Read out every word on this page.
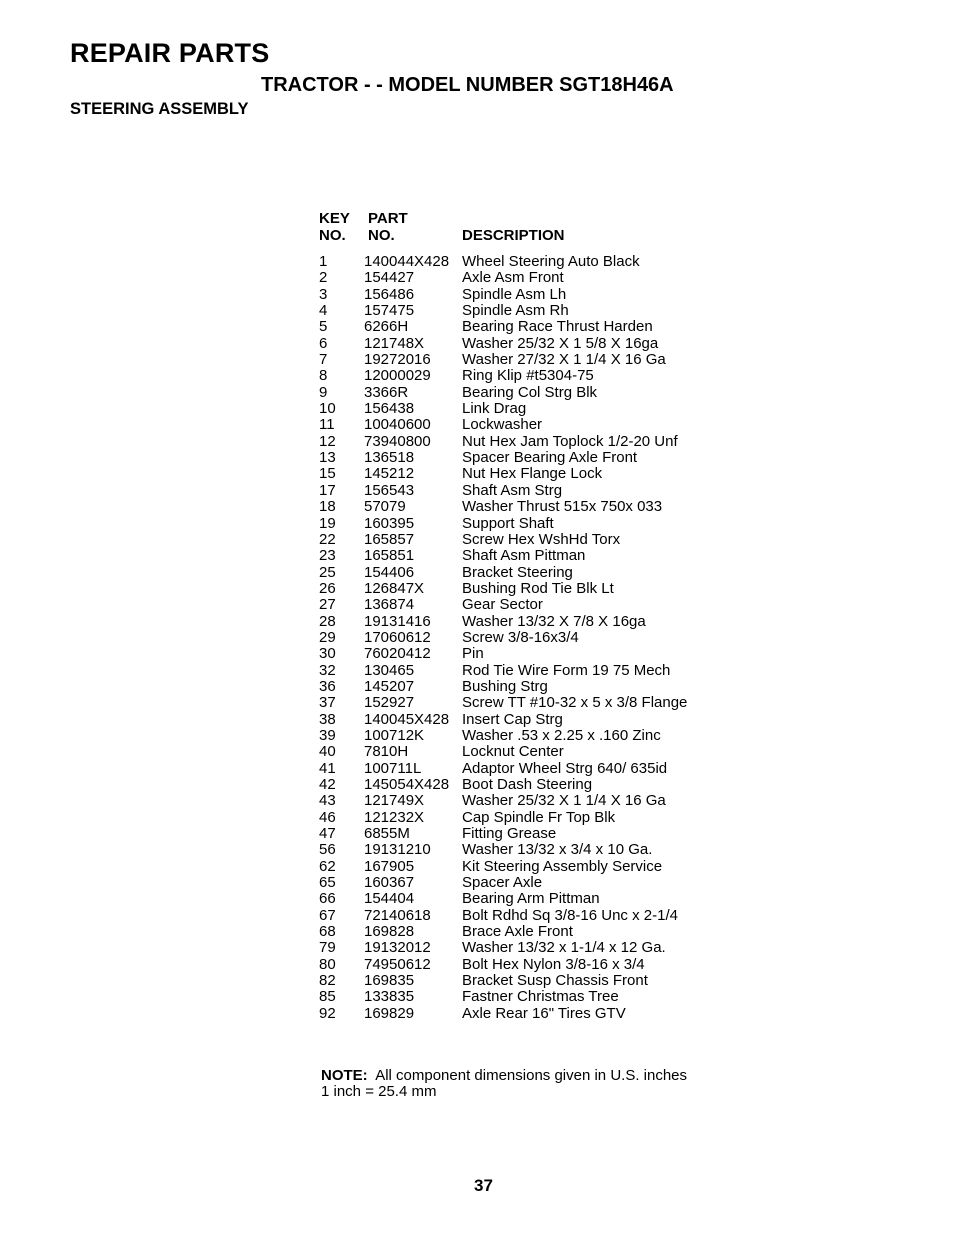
REPAIR PARTS
TRACTOR - - MODEL NUMBER SGT18H46A
STEERING ASSEMBLY
KEY
NO.
PART
NO.	DESCRIPTION
1 140044X428 Wheel Steering Auto Black
2 154427	Axle Asm Front
3 156486	Spindle Asm Lh
4 157475	Spindle Asm Rh
5 6266H	Bearing Race Thrust Harden
6 121748X	Washer 25/32 X 1 5/8 X 16ga
7 19272016 Washer 27/32 X 1 1/4 X 16 Ga
8 12000029 Ring Klip #t5304-75
9 3366R	Bearing Col Strg Blk
10 156438	Link Drag
11 10040600 Lockwasher
12 73940800 Nut Hex Jam Toplock 1/2-20 Unf
13 136518	Spacer Bearing Axle Front
15 145212	Nut Hex Flange Lock
17 156543	Shaft Asm Strg
18 57079	Washer Thrust 515x 750x 033
19 160395	Support Shaft
22 165857	Screw Hex WshHd Torx
23 165851	Shaft Asm Pittman
25 154406	Bracket Steering
26 126847X	Bushing Rod Tie Blk Lt
27 136874	Gear Sector
28 19131416 Washer 13/32 X 7/8 X 16ga
29 17060612 Screw 3/8-16x3/4
30 76020412 Pin
32 130465	Rod Tie Wire Form 19 75 Mech
36 145207	Bushing Strg
37 152927	Screw TT #10-32 x 5 x 3/8 Flange
38 140045X428 Insert Cap Strg
39 100712K	Washer .53 x 2.25 x .160 Zinc
40 7810H	Locknut Center
41 100711L	Adaptor Wheel Strg 640/ 635id
42 145054X428 Boot Dash Steering
43 121749X	Washer 25/32 X 1 1/4 X 16 Ga
46 121232X	Cap Spindle Fr Top Blk
47 6855M	Fitting Grease
56 19131210 Washer 13/32 x 3/4 x 10 Ga.
62 167905	Kit Steering Assembly Service
65 160367	Spacer Axle
66 154404	Bearing Arm Pittman
67 72140618 Bolt Rdhd Sq 3/8-16 Unc x 2-1/4
68 169828	Brace Axle Front
79 19132012 Washer 13/32 x 1-1/4 x 12 Ga.
80 74950612 Bolt Hex Nylon 3/8-16 x 3/4
82 169835	Bracket Susp Chassis Front
85 133835	Fastner Christmas Tree
92 169829	Axle Rear 16" Tires GTV
NOTE: All component dimensions given in U.S. inches
1 inch = 25.4 mm
37
